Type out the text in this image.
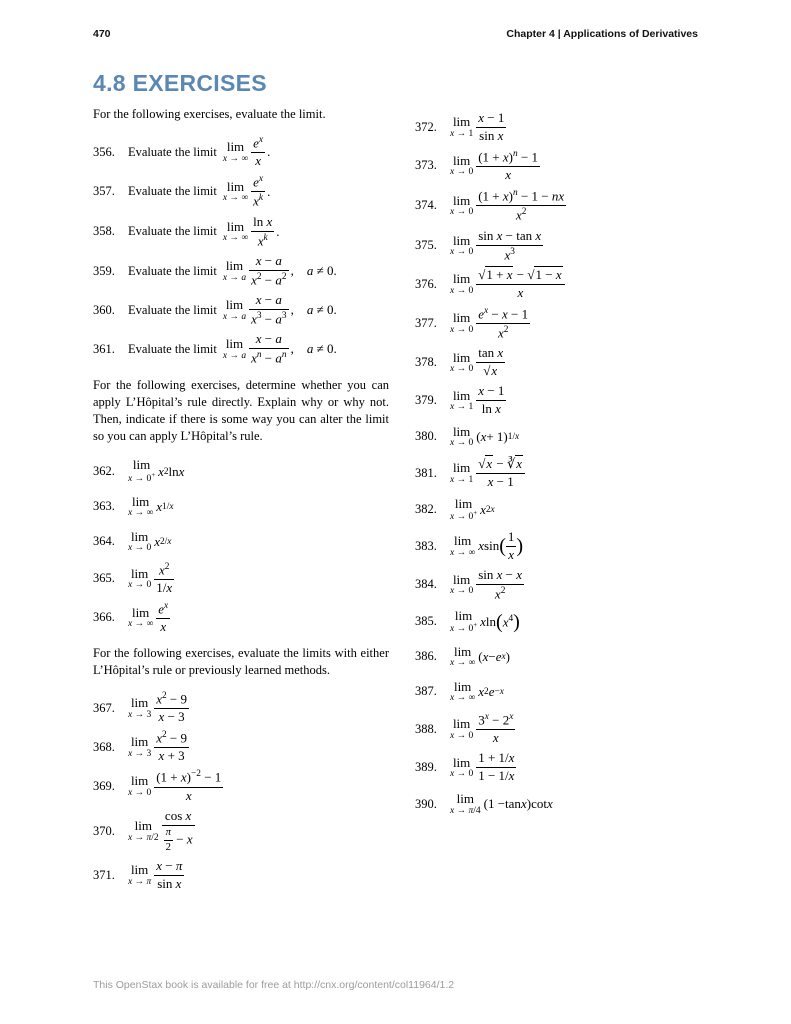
470	Chapter 4 | Applications of Derivatives
4.8 EXERCISES

For the following exercises, evaluate the limit.

356.	Evaluate the limit lim
x → ∞ $\frac{e^x}{x}$ .
357.	Evaluate the limit lim
x → ∞ $\frac{e^x}{x^k}$ .
358.	Evaluate the limit lim
x → ∞ $\frac{\text{ln x}}{x^k}$ .
359.	Evaluate the limit lim
x → a $\frac{x - a}{x^2 - a^2}$ , a ≠ 0.
360.	Evaluate the limit lim
x → a $\frac{x - a}{x^3 - a^3}$ , a ≠ 0.
361.	Evaluate the limit lim
x → a $\frac{x - a}{x^n - a^n}$ , a ≠ 0.

For the following exercises, determine whether you can apply L’Hôpital’s rule directly. Explain why or why not. Then, indicate if there is some way you can alter the limit so you can apply L’Hôpital’s rule.

362.	lim
x → 0+ x 2 ln x
363.	lim
x → ∞ x 1/x
364.	lim
x → 0 x 2/x
365.	lim
$x \to 0 \frac{x^2}{1/x}$
366.	lim
x → ∞ $\frac{e^x}{x}$

For the following exercises, evaluate the limits with either L’Hôpital’s rule or previously learned methods.

367.	lim
$x \to 3 \frac{x^2 - 9}{x - 3}$
368.	lim
$x \to 3 \frac{x^2 - 9}{x + 3}$
369.	lim
$x \to 0 \frac{(1 + x)^{-2} - 1}{x}$
370.	lim
$x \to \pi/2 \frac{\text{cos x}}{\frac{\pi}{2} - x}$
371.	lim
x → π $\frac{x - \pi}{\text{sin x}}$
372.	lim
$x \to 1 \frac{x - 1}{\text{sin x}}$
373.	lim
$x \to 0 \frac{(1 + x)^n - 1}{x}$
374.	lim
$x \to 0 \frac{(1 + x)^n - 1 - nx}{x^2}$
375.	lim
$x \to 0 \frac{\text{sin x − tan x}}{x^3}$
376.	lim
$x \to 0 \frac{√1 + x - √1 - x}{x}$
377.	lim
$x \to 0 \frac{e^x - x - 1}{x^2}$
378.	lim
$x \to 0 \frac{\text{tan x}}{√x}$
379.	lim
$x \to 1 \frac{x - 1}{\text{ln x}}$
380.	lim
x → 0 ( x + 1) 1/x
381.	lim
$x \to 1 \frac{√x - ∛x}{x - 1}$
382.	lim
x → 0+ x 2x
383.	lim
x → ∞ x sin ( $\frac{1}{x}$ )
384.	lim
$x \to 0 \frac{\text{sin x − x}}{x^2}$
385.	lim
x → 0+ x ln ( $x^4$ )
386.	lim
x → ∞ ( x − e x )
387.	lim
x → ∞ x 2 e −x
388.	lim
$x \to 0 \frac{3^x - 2^x}{x}$
389.	lim
$x \to 0 \frac{1 + 1/x}{1 - 1/x}$
390.	lim
x → π/4 (1 − tan x ) cot x
This OpenStax book is available for free at http://cnx.org/content/col11964/1.2
